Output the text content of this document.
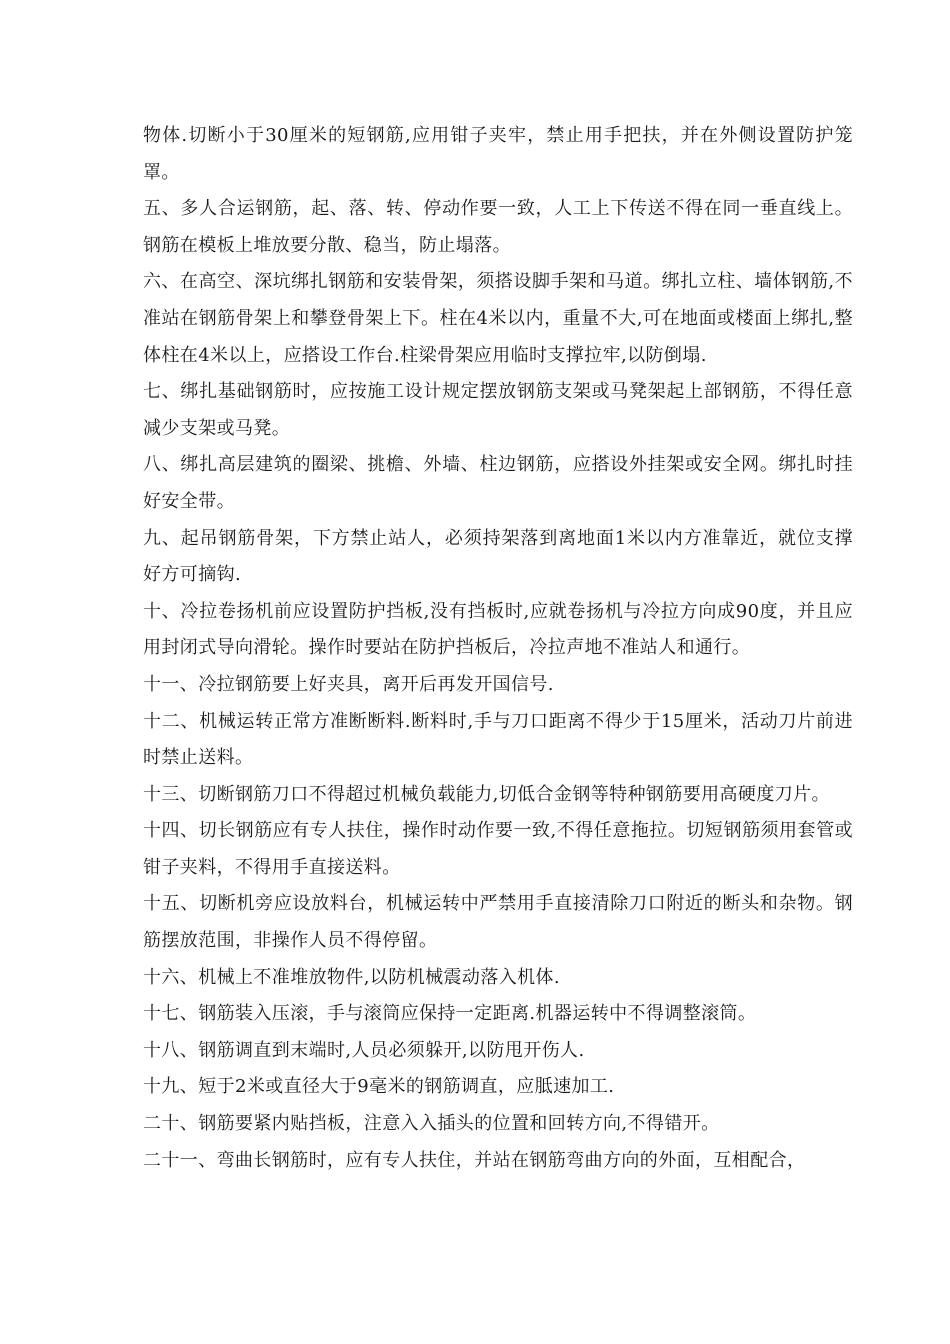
物体.切断小于30厘米的短钢筋,应用钳子夹牢，禁止用手把扶，并在外侧设置防护笼罩。

五、多人合运钢筋，起、落、转、停动作要一致，人工上下传送不得在同一垂直线上。钢筋在模板上堆放要分散、稳当，防止塌落。

六、在高空、深坑绑扎钢筋和安装骨架，须搭设脚手架和马道。绑扎立柱、墙体钢筋,不准站在钢筋骨架上和攀登骨架上下。柱在4米以内，重量不大,可在地面或楼面上绑扎,整体柱在4米以上，应搭设工作台.柱梁骨架应用临时支撑拉牢,以防倒塌.

七、绑扎基础钢筋时，应按施工设计规定摆放钢筋支架或马凳架起上部钢筋，不得任意减少支架或马凳。

八、绑扎高层建筑的圈梁、挑檐、外墙、柱边钢筋，应搭设外挂架或安全网。绑扎时挂好安全带。

九、起吊钢筋骨架，下方禁止站人，必须持架落到离地面1米以内方准靠近，就位支撑好方可摘钩.

十、冷拉卷扬机前应设置防护挡板,没有挡板时,应就卷扬机与冷拉方向成90度，并且应用封闭式导向滑轮。操作时要站在防护挡板后，冷拉声地不准站人和通行。

十一、冷拉钢筋要上好夹具，离开后再发开国信号.

十二、机械运转正常方准断断料.断料时,手与刀口距离不得少于15厘米，活动刀片前进时禁止送料。

十三、切断钢筋刀口不得超过机械负载能力,切低合金钢等特种钢筋要用高硬度刀片。

十四、切长钢筋应有专人扶住，操作时动作要一致,不得任意拖拉。切短钢筋须用套管或钳子夹料，不得用手直接送料。

十五、切断机旁应设放料台，机械运转中严禁用手直接清除刀口附近的断头和杂物。钢筋摆放范围，非操作人员不得停留。

十六、机械上不准堆放物件,以防机械震动落入机体.

十七、钢筋装入压滚，手与滚筒应保持一定距离.机器运转中不得调整滚筒。

十八、钢筋调直到末端时,人员必须躲开,以防甩开伤人.

十九、短于2米或直径大于9毫米的钢筋调直，应胝速加工.

二十、钢筋要紧内贴挡板，注意入入插头的位置和回转方向,不得错开。

二十一、弯曲长钢筋时，应有专人扶住，并站在钢筋弯曲方向的外面，互相配合，
